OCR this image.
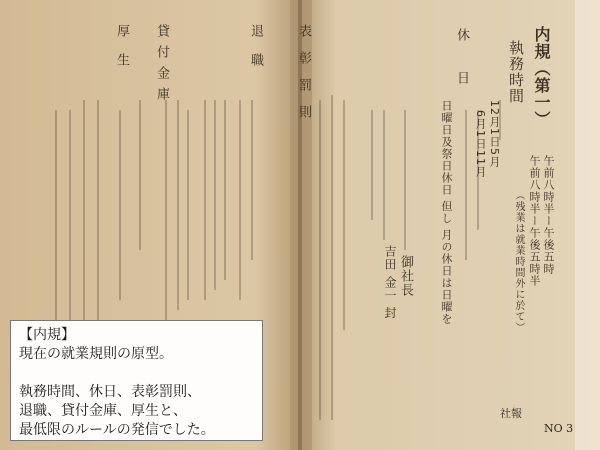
内規（第一）
執務時間
12月1日5月
6月1日11月
午前八時半ー午後五時
午前八時半ー午後五時半
（残業は就業時間外に於て）
休日
日曜日及祭日休日 但し 月の休日は日曜を
御社長
吉田 金一 封
表彰罰則
退職
貸付金庫
厚生
社報
NO 3
【内規】
現在の就業規則の原型。
執務時間、休日、表彰罰則、
退職、貸付金庫、厚生と、
最低限のルールの発信でした。
